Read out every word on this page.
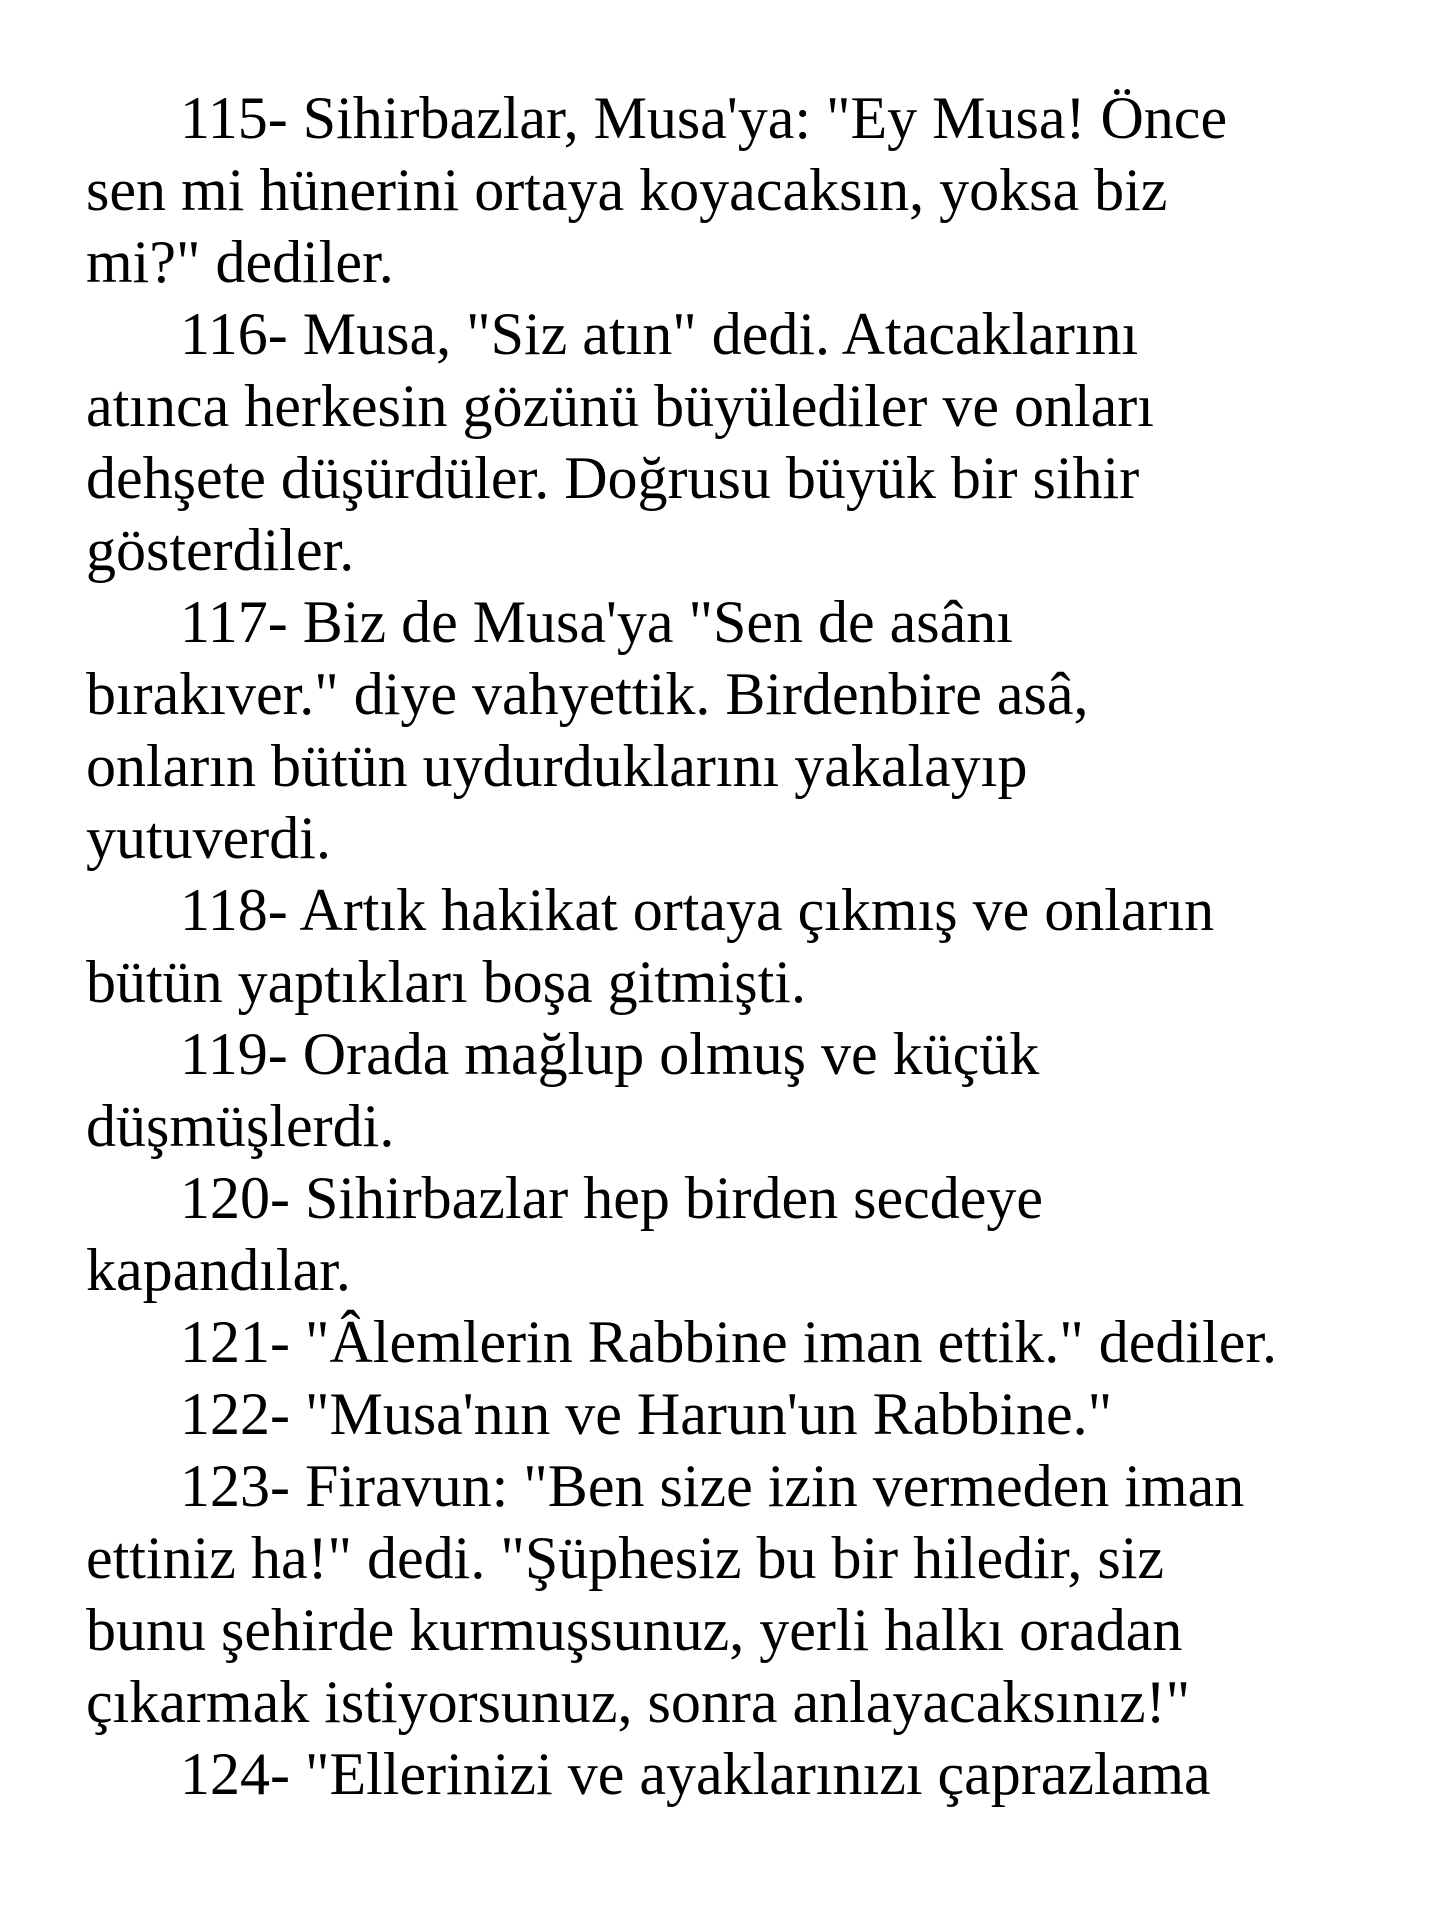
115- Sihirbazlar, Musa'ya: "Ey Musa! Önce
sen mi hünerini ortaya koyacaksın, yoksa biz
mi?" dediler.
116- Musa, "Siz atın" dedi. Atacaklarını
atınca herkesin gözünü büyülediler ve onları
dehşete düşürdüler. Doğrusu büyük bir sihir
gösterdiler.
117- Biz de Musa'ya "Sen de asânı
bırakıver." diye vahyettik. Birdenbire asâ,
onların bütün uydurduklarını yakalayıp
yutuverdi.
118- Artık hakikat ortaya çıkmış ve onların
bütün yaptıkları boşa gitmişti.
119- Orada mağlup olmuş ve küçük
düşmüşlerdi.
120- Sihirbazlar hep birden secdeye
kapandılar.
121- "Âlemlerin Rabbine iman ettik." dediler.
122- "Musa'nın ve Harun'un Rabbine."
123- Firavun: "Ben size izin vermeden iman
ettiniz ha!" dedi. "Şüphesiz bu bir hiledir, siz
bunu şehirde kurmuşsunuz, yerli halkı oradan
çıkarmak istiyorsunuz, sonra anlayacaksınız!"
124- "Ellerinizi ve ayaklarınızı çaprazlama
